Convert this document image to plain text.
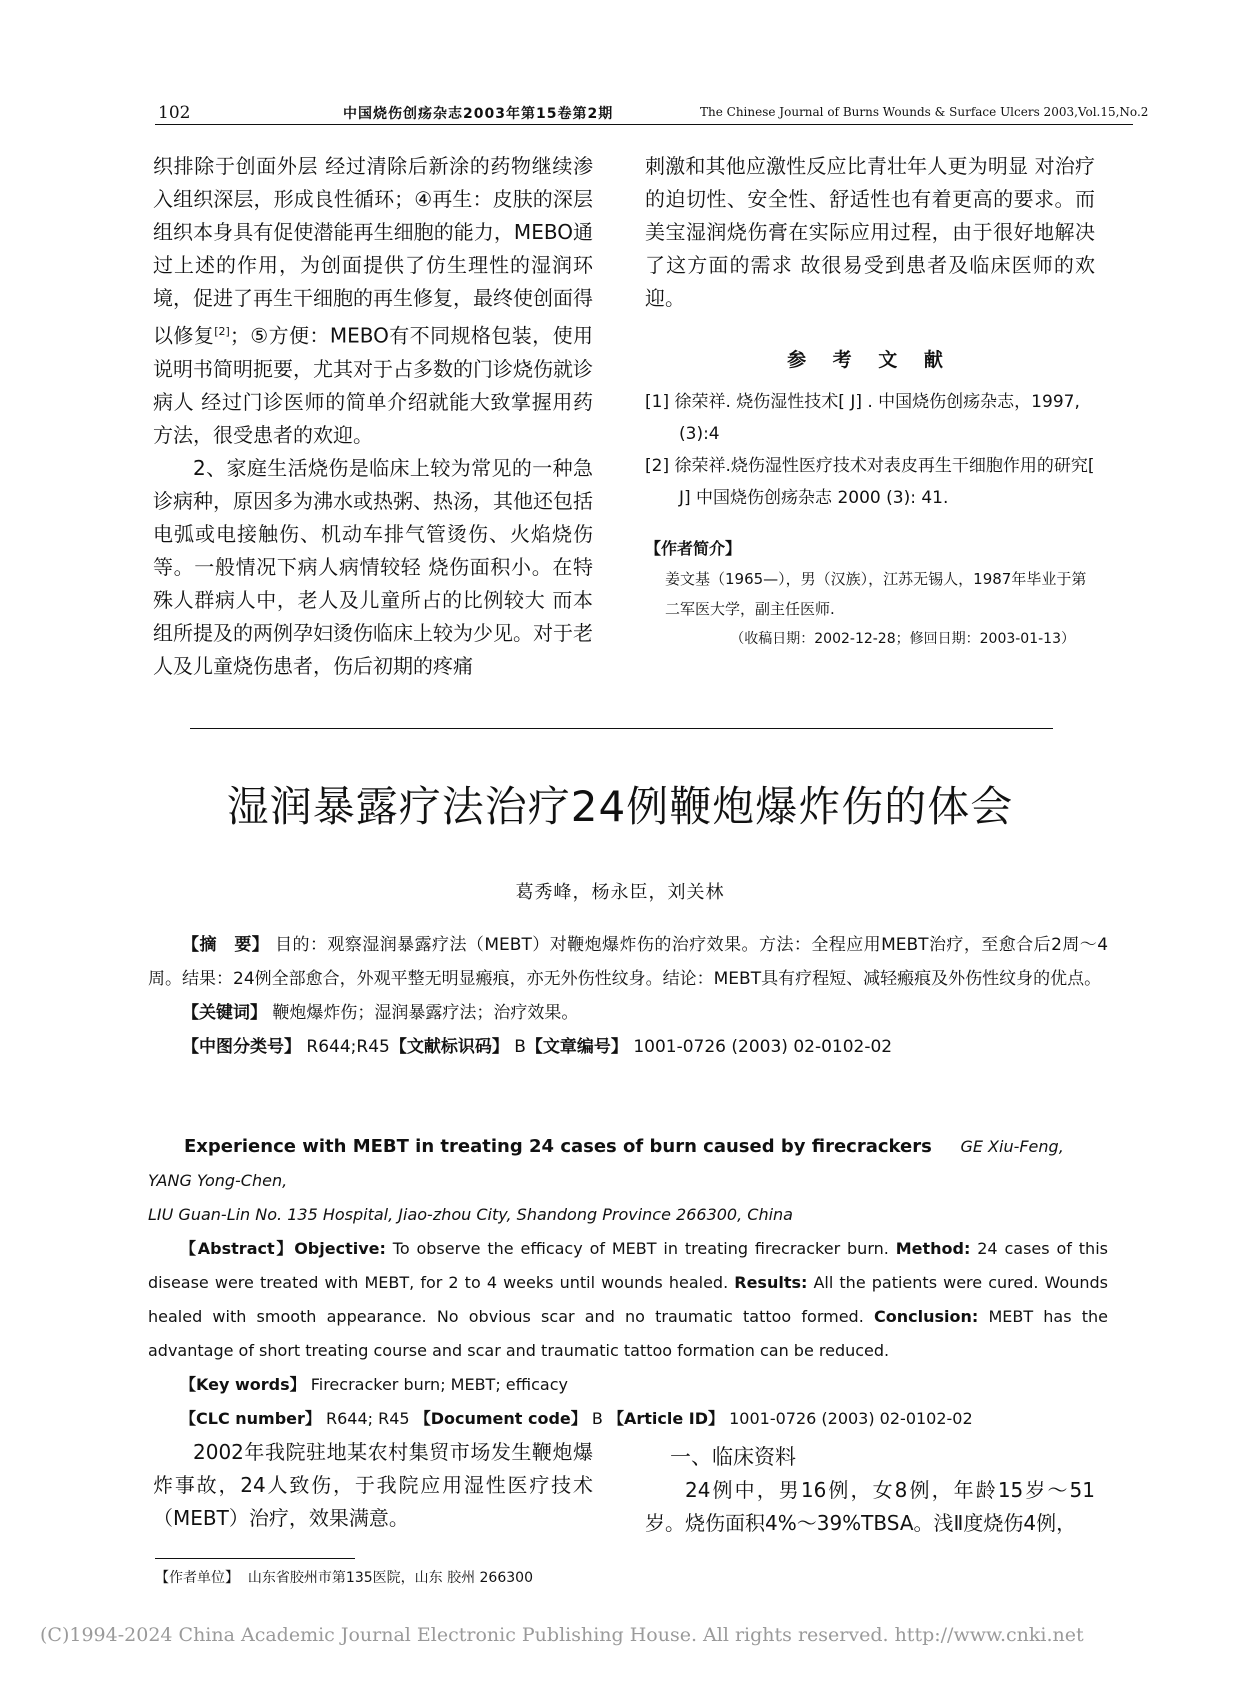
102	中国烧伤创疡杂志2003年第15卷第2期	The Chinese Journal of Burns Wounds & Surface Ulcers 2003,Vol.15,No.2

织排除于创面外层 经过清除后新涂的药物继续渗入组织深层，形成良性循环；④再生：皮肤的深层组织本身具有促使潜能再生细胞的能力，MEBO通过上述的作用，为创面提供了仿生理性的湿润环境，促进了再生干细胞的再生修复，最终使创面得以修复[2]；⑤方便：MEBO有不同规格包装，使用说明书简明扼要，尤其对于占多数的门诊烧伤就诊病人 经过门诊医师的简单介绍就能大致掌握用药方法，很受患者的欢迎。

2、家庭生活烧伤是临床上较为常见的一种急诊病种，原因多为沸水或热粥、热汤，其他还包括电弧或电接触伤、机动车排气管烫伤、火焰烧伤等。一般情况下病人病情较轻 烧伤面积小。在特殊人群病人中，老人及儿童所占的比例较大 而本组所提及的两例孕妇烫伤临床上较为少见。对于老人及儿童烧伤患者，伤后初期的疼痛

刺激和其他应激性反应比青壮年人更为明显 对治疗的迫切性、安全性、舒适性也有着更高的要求。而美宝湿润烧伤膏在实际应用过程，由于很好地解决了这方面的需求 故很易受到患者及临床医师的欢迎。

参 考 文 献
[1] 徐荣祥. 烧伤湿性技术[ J] . 中国烧伤创疡杂志，1997,(3):4
[2] 徐荣祥.烧伤湿性医疗技术对表皮再生干细胞作用的研究[ J] 中国烧伤创疡杂志 2000 (3): 41.
【作者简介】
姜文基（1965—），男（汉族），江苏无锡人，1987年毕业于第二军医大学，副主任医师.
（收稿日期：2002-12-28；修回日期：2003-01-13）
湿润暴露疗法治疗24例鞭炮爆炸伤的体会
葛秀峰，杨永臣，刘关林
【摘　要】 目的：观察湿润暴露疗法（MEBT）对鞭炮爆炸伤的治疗效果。方法：全程应用MEBT治疗，至愈合后2周～4周。结果：24例全部愈合，外观平整无明显瘢痕，亦无外伤性纹身。结论：MEBT具有疗程短、减轻瘢痕及外伤性纹身的优点。
【关键词】 鞭炮爆炸伤；湿润暴露疗法；治疗效果。
【中图分类号】 R644;R45【文献标识码】 B【文章编号】 1001-0726 (2003) 02-0102-02
Experience with MEBT in treating 24 cases of burn caused by firecrackers GE Xiu-Feng, YANG Yong-Chen,
LIU Guan-Lin No. 135 Hospital, Jiao-zhou City, Shandong Province 266300, China
【Abstract】Objective: To observe the efficacy of MEBT in treating firecracker burn. Method: 24 cases of this disease were treated with MEBT, for 2 to 4 weeks until wounds healed. Results: All the patients were cured. Wounds healed with smooth appearance. No obvious scar and no traumatic tattoo formed. Conclusion: MEBT has the advantage of short treating course and scar and traumatic tattoo formation can be reduced.
【Key words】 Firecracker burn; MEBT; efficacy
【CLC number】 R644; R45 【Document code】 B 【Article ID】 1001-0726 (2003) 02-0102-02

2002年我院驻地某农村集贸市场发生鞭炮爆炸事故，24人致伤，于我院应用湿性医疗技术（MEBT）治疗，效果满意。

一、临床资料

24例中，男16例，女8例，年龄15岁～51岁。烧伤面积4%～39%TBSA。浅Ⅱ度烧伤4例，

【作者单位】 山东省胶州市第135医院，山东 胶州 266300
(C)1994-2024 China Academic Journal Electronic Publishing House. All rights reserved. http://www.cnki.net
